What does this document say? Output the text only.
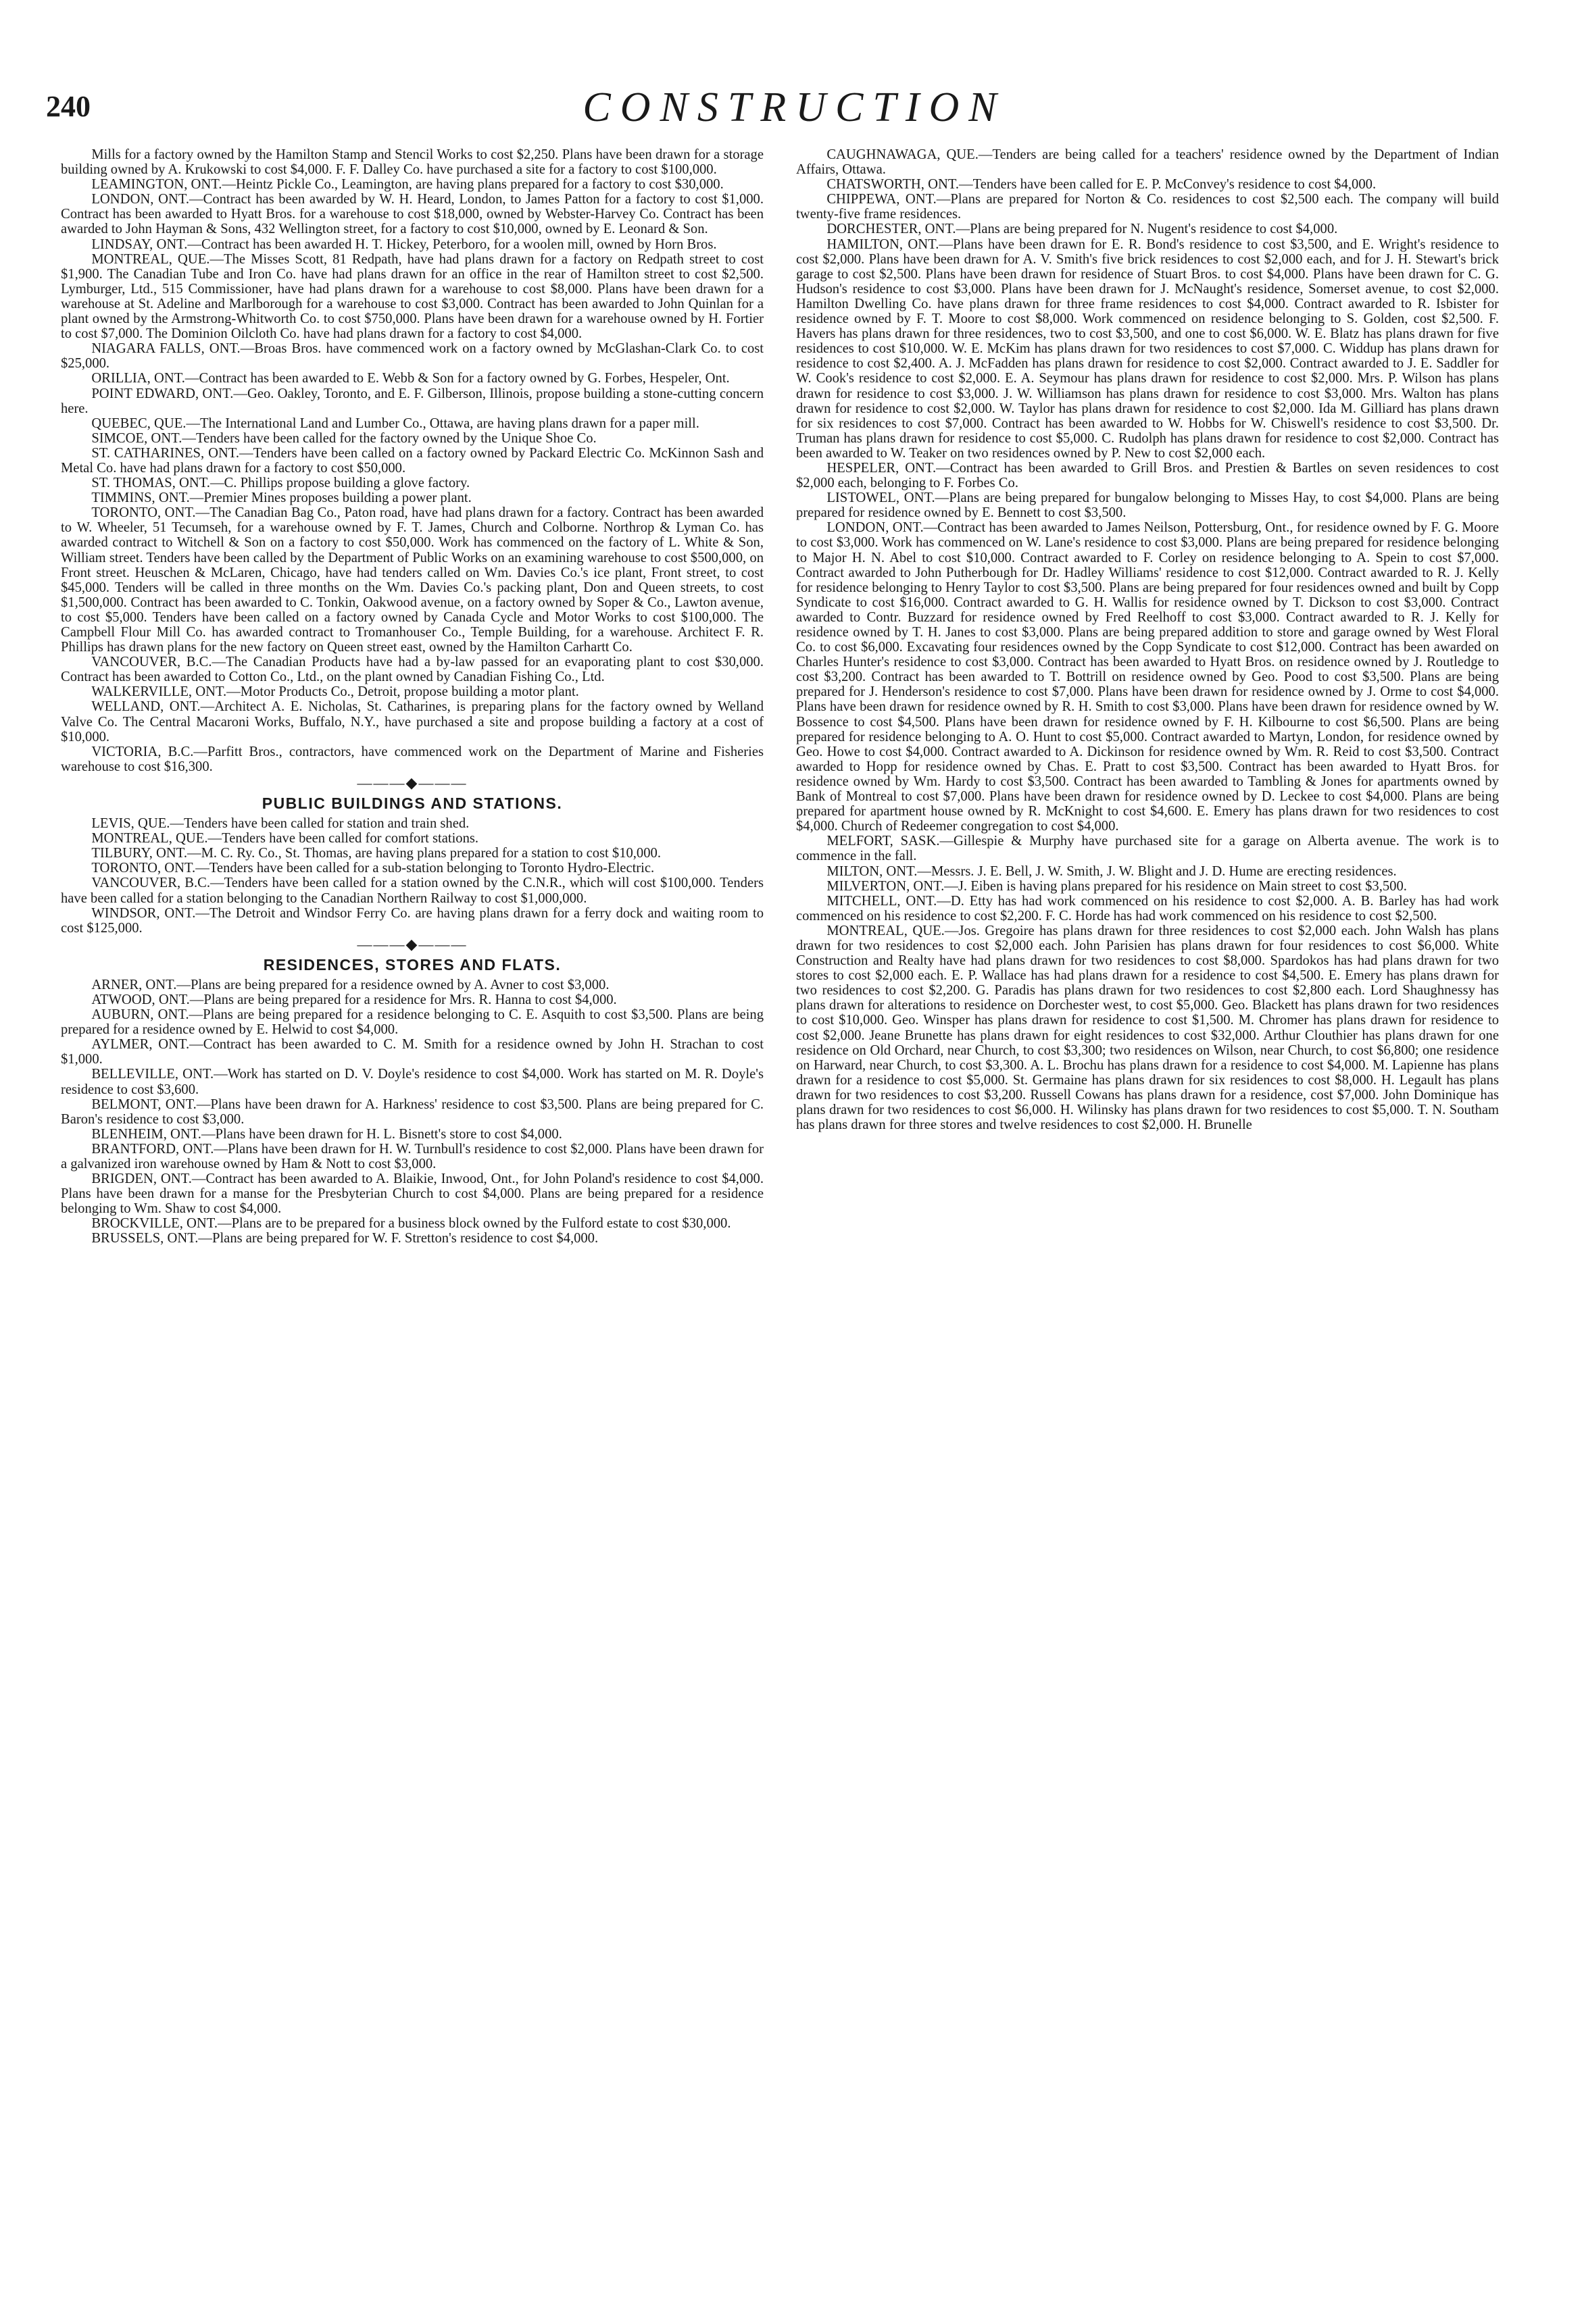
240	CONSTRUCTION

Mills for a factory owned by the Hamilton Stamp and Stencil Works to cost $2,250. Plans have been drawn for a storage building owned by A. Krukowski to cost $4,000. F. F. Dalley Co. have purchased a site for a factory to cost $100,000.

LEAMINGTON, ONT.—Heintz Pickle Co., Leamington, are having plans prepared for a factory to cost $30,000.

LONDON, ONT.—Contract has been awarded by W. H. Heard, London, to James Patton for a factory to cost $1,000. Contract has been awarded to Hyatt Bros. for a warehouse to cost $18,000, owned by Webster-Harvey Co. Contract has been awarded to John Hayman & Sons, 432 Wellington street, for a factory to cost $10,000, owned by E. Leonard & Son.

LINDSAY, ONT.—Contract has been awarded H. T. Hickey, Peterboro, for a woolen mill, owned by Horn Bros.

MONTREAL, QUE.—The Misses Scott, 81 Redpath, have had plans drawn for a factory on Redpath street to cost $1,900. The Canadian Tube and Iron Co. have had plans drawn for an office in the rear of Hamilton street to cost $2,500. Lymburger, Ltd., 515 Commissioner, have had plans drawn for a warehouse to cost $8,000. Plans have been drawn for a warehouse at St. Adeline and Marlborough for a warehouse to cost $3,000. Contract has been awarded to John Quinlan for a plant owned by the Armstrong-Whitworth Co. to cost $750,000. Plans have been drawn for a warehouse owned by H. Fortier to cost $7,000. The Dominion Oilcloth Co. have had plans drawn for a factory to cost $4,000.

NIAGARA FALLS, ONT.—Broas Bros. have commenced work on a factory owned by McGlashan-Clark Co. to cost $25,000.

ORILLIA, ONT.—Contract has been awarded to E. Webb & Son for a factory owned by G. Forbes, Hespeler, Ont.

POINT EDWARD, ONT.—Geo. Oakley, Toronto, and E. F. Gilberson, Illinois, propose building a stone-cutting concern here.

QUEBEC, QUE.—The International Land and Lumber Co., Ottawa, are having plans drawn for a paper mill.

SIMCOE, ONT.—Tenders have been called for the factory owned by the Unique Shoe Co.

ST. CATHARINES, ONT.—Tenders have been called on a factory owned by Packard Electric Co. McKinnon Sash and Metal Co. have had plans drawn for a factory to cost $50,000.

ST. THOMAS, ONT.—C. Phillips propose building a glove factory.

TIMMINS, ONT.—Premier Mines proposes building a power plant.

TORONTO, ONT.—The Canadian Bag Co., Paton road, have had plans drawn for a factory. Contract has been awarded to W. Wheeler, 51 Tecumseh, for a warehouse owned by F. T. James, Church and Colborne. Northrop & Lyman Co. has awarded contract to Witchell & Son on a factory to cost $50,000. Work has commenced on the factory of L. White & Son, William street. Tenders have been called by the Department of Public Works on an examining warehouse to cost $500,000, on Front street. Heuschen & McLaren, Chicago, have had tenders called on Wm. Davies Co.'s ice plant, Front street, to cost $45,000. Tenders will be called in three months on the Wm. Davies Co.'s packing plant, Don and Queen streets, to cost $1,500,000. Contract has been awarded to C. Tonkin, Oakwood avenue, on a factory owned by Soper & Co., Lawton avenue, to cost $5,000. Tenders have been called on a factory owned by Canada Cycle and Motor Works to cost $100,000. The Campbell Flour Mill Co. has awarded contract to Tromanhouser Co., Temple Building, for a warehouse. Architect F. R. Phillips has drawn plans for the new factory on Queen street east, owned by the Hamilton Carhartt Co.

VANCOUVER, B.C.—The Canadian Products have had a by-law passed for an evaporating plant to cost $30,000. Contract has been awarded to Cotton Co., Ltd., on the plant owned by Canadian Fishing Co., Ltd.

WALKERVILLE, ONT.—Motor Products Co., Detroit, propose building a motor plant.

WELLAND, ONT.—Architect A. E. Nicholas, St. Catharines, is preparing plans for the factory owned by Welland Valve Co. The Central Macaroni Works, Buffalo, N.Y., have purchased a site and propose building a factory at a cost of $10,000.

VICTORIA, B.C.—Parfitt Bros., contractors, have commenced work on the Department of Marine and Fisheries warehouse to cost $16,300.

———◆———
PUBLIC BUILDINGS AND STATIONS.

LEVIS, QUE.—Tenders have been called for station and train shed.

MONTREAL, QUE.—Tenders have been called for comfort stations.

TILBURY, ONT.—M. C. Ry. Co., St. Thomas, are having plans prepared for a station to cost $10,000.

TORONTO, ONT.—Tenders have been called for a sub-station belonging to Toronto Hydro-Electric.

VANCOUVER, B.C.—Tenders have been called for a station owned by the C.N.R., which will cost $100,000. Tenders have been called for a station belonging to the Canadian Northern Railway to cost $1,000,000.

WINDSOR, ONT.—The Detroit and Windsor Ferry Co. are having plans drawn for a ferry dock and waiting room to cost $125,000.

———◆———
RESIDENCES, STORES AND FLATS.

ARNER, ONT.—Plans are being prepared for a residence owned by A. Avner to cost $3,000.

ATWOOD, ONT.—Plans are being prepared for a residence for Mrs. R. Hanna to cost $4,000.

AUBURN, ONT.—Plans are being prepared for a residence belonging to C. E. Asquith to cost $3,500. Plans are being prepared for a residence owned by E. Helwid to cost $4,000.

AYLMER, ONT.—Contract has been awarded to C. M. Smith for a residence owned by John H. Strachan to cost $1,000.

BELLEVILLE, ONT.—Work has started on D. V. Doyle's residence to cost $4,000. Work has started on M. R. Doyle's residence to cost $3,600.

BELMONT, ONT.—Plans have been drawn for A. Harkness' residence to cost $3,500. Plans are being prepared for C. Baron's residence to cost $3,000.

BLENHEIM, ONT.—Plans have been drawn for H. L. Bisnett's store to cost $4,000.

BRANTFORD, ONT.—Plans have been drawn for H. W. Turnbull's residence to cost $2,000. Plans have been drawn for a galvanized iron warehouse owned by Ham & Nott to cost $3,000.

BRIGDEN, ONT.—Contract has been awarded to A. Blaikie, Inwood, Ont., for John Poland's residence to cost $4,000. Plans have been drawn for a manse for the Presbyterian Church to cost $4,000. Plans are being prepared for a residence belonging to Wm. Shaw to cost $4,000.

BROCKVILLE, ONT.—Plans are to be prepared for a business block owned by the Fulford estate to cost $30,000.

BRUSSELS, ONT.—Plans are being prepared for W. F. Stretton's residence to cost $4,000.

CAUGHNAWAGA, QUE.—Tenders are being called for a teachers' residence owned by the Department of Indian Affairs, Ottawa.

CHATSWORTH, ONT.—Tenders have been called for E. P. McConvey's residence to cost $4,000.

CHIPPEWA, ONT.—Plans are prepared for Norton & Co. residences to cost $2,500 each. The company will build twenty-five frame residences.

DORCHESTER, ONT.—Plans are being prepared for N. Nugent's residence to cost $4,000.

HAMILTON, ONT.—Plans have been drawn for E. R. Bond's residence to cost $3,500, and E. Wright's residence to cost $2,000. Plans have been drawn for A. V. Smith's five brick residences to cost $2,000 each, and for J. H. Stewart's brick garage to cost $2,500. Plans have been drawn for residence of Stuart Bros. to cost $4,000. Plans have been drawn for C. G. Hudson's residence to cost $3,000. Plans have been drawn for J. McNaught's residence, Somerset avenue, to cost $2,000. Hamilton Dwelling Co. have plans drawn for three frame residences to cost $4,000. Contract awarded to R. Isbister for residence owned by F. T. Moore to cost $8,000. Work commenced on residence belonging to S. Golden, cost $2,500. F. Havers has plans drawn for three residences, two to cost $3,500, and one to cost $6,000. W. E. Blatz has plans drawn for five residences to cost $10,000. W. E. McKim has plans drawn for two residences to cost $7,000. C. Widdup has plans drawn for residence to cost $2,400. A. J. McFadden has plans drawn for residence to cost $2,000. Contract awarded to J. E. Saddler for W. Cook's residence to cost $2,000. E. A. Seymour has plans drawn for residence to cost $2,000. Mrs. P. Wilson has plans drawn for residence to cost $3,000. J. W. Williamson has plans drawn for residence to cost $3,000. Mrs. Walton has plans drawn for residence to cost $2,000. W. Taylor has plans drawn for residence to cost $2,000. Ida M. Gilliard has plans drawn for six residences to cost $7,000. Contract has been awarded to W. Hobbs for W. Chiswell's residence to cost $3,500. Dr. Truman has plans drawn for residence to cost $5,000. C. Rudolph has plans drawn for residence to cost $2,000. Contract has been awarded to W. Teaker on two residences owned by P. New to cost $2,000 each.

HESPELER, ONT.—Contract has been awarded to Grill Bros. and Prestien & Bartles on seven residences to cost $2,000 each, belonging to F. Forbes Co.

LISTOWEL, ONT.—Plans are being prepared for bungalow belonging to Misses Hay, to cost $4,000. Plans are being prepared for residence owned by E. Bennett to cost $3,500.

LONDON, ONT.—Contract has been awarded to James Neilson, Pottersburg, Ont., for residence owned by F. G. Moore to cost $3,000. Work has commenced on W. Lane's residence to cost $3,000. Plans are being prepared for residence belonging to Major H. N. Abel to cost $10,000. Contract awarded to F. Corley on residence belonging to A. Spein to cost $7,000. Contract awarded to John Putherbough for Dr. Hadley Williams' residence to cost $12,000. Contract awarded to R. J. Kelly for residence belonging to Henry Taylor to cost $3,500. Plans are being prepared for four residences owned and built by Copp Syndicate to cost $16,000. Contract awarded to G. H. Wallis for residence owned by T. Dickson to cost $3,000. Contract awarded to Contr. Buzzard for residence owned by Fred Reelhoff to cost $3,000. Contract awarded to R. J. Kelly for residence owned by T. H. Janes to cost $3,000. Plans are being prepared addition to store and garage owned by West Floral Co. to cost $6,000. Excavating four residences owned by the Copp Syndicate to cost $12,000. Contract has been awarded on Charles Hunter's residence to cost $3,000. Contract has been awarded to Hyatt Bros. on residence owned by J. Routledge to cost $3,200. Contract has been awarded to T. Bottrill on residence owned by Geo. Pood to cost $3,500. Plans are being prepared for J. Henderson's residence to cost $7,000. Plans have been drawn for residence owned by J. Orme to cost $4,000. Plans have been drawn for residence owned by R. H. Smith to cost $3,000. Plans have been drawn for residence owned by W. Bossence to cost $4,500. Plans have been drawn for residence owned by F. H. Kilbourne to cost $6,500. Plans are being prepared for residence belonging to A. O. Hunt to cost $5,000. Contract awarded to Martyn, London, for residence owned by Geo. Howe to cost $4,000. Contract awarded to A. Dickinson for residence owned by Wm. R. Reid to cost $3,500. Contract awarded to Hopp for residence owned by Chas. E. Pratt to cost $3,500. Contract has been awarded to Hyatt Bros. for residence owned by Wm. Hardy to cost $3,500. Contract has been awarded to Tambling & Jones for apartments owned by Bank of Montreal to cost $7,000. Plans have been drawn for residence owned by D. Leckee to cost $4,000. Plans are being prepared for apartment house owned by R. McKnight to cost $4,600. E. Emery has plans drawn for two residences to cost $4,000. Church of Redeemer congregation to cost $4,000.

MELFORT, SASK.—Gillespie & Murphy have purchased site for a garage on Alberta avenue. The work is to commence in the fall.

MILTON, ONT.—Messrs. J. E. Bell, J. W. Smith, J. W. Blight and J. D. Hume are erecting residences.

MILVERTON, ONT.—J. Eiben is having plans prepared for his residence on Main street to cost $3,500.

MITCHELL, ONT.—D. Etty has had work commenced on his residence to cost $2,000. A. B. Barley has had work commenced on his residence to cost $2,200. F. C. Horde has had work commenced on his residence to cost $2,500.

MONTREAL, QUE.—Jos. Gregoire has plans drawn for three residences to cost $2,000 each. John Walsh has plans drawn for two residences to cost $2,000 each. John Parisien has plans drawn for four residences to cost $6,000. White Construction and Realty have had plans drawn for two residences to cost $8,000. Spardokos has had plans drawn for two stores to cost $2,000 each. E. P. Wallace has had plans drawn for a residence to cost $4,500. E. Emery has plans drawn for two residences to cost $2,200. G. Paradis has plans drawn for two residences to cost $2,800 each. Lord Shaughnessy has plans drawn for alterations to residence on Dorchester west, to cost $5,000. Geo. Blackett has plans drawn for two residences to cost $10,000. Geo. Winsper has plans drawn for residence to cost $1,500. M. Chromer has plans drawn for residence to cost $2,000. Jeane Brunette has plans drawn for eight residences to cost $32,000. Arthur Clouthier has plans drawn for one residence on Old Orchard, near Church, to cost $3,300; two residences on Wilson, near Church, to cost $6,800; one residence on Harward, near Church, to cost $3,300. A. L. Brochu has plans drawn for a residence to cost $4,000. M. Lapienne has plans drawn for a residence to cost $5,000. St. Germaine has plans drawn for six residences to cost $8,000. H. Legault has plans drawn for two residences to cost $3,200. Russell Cowans has plans drawn for a residence, cost $7,000. John Dominique has plans drawn for two residences to cost $6,000. H. Wilinsky has plans drawn for two residences to cost $5,000. T. N. Southam has plans drawn for three stores and twelve residences to cost $2,000. H. Brunelle
